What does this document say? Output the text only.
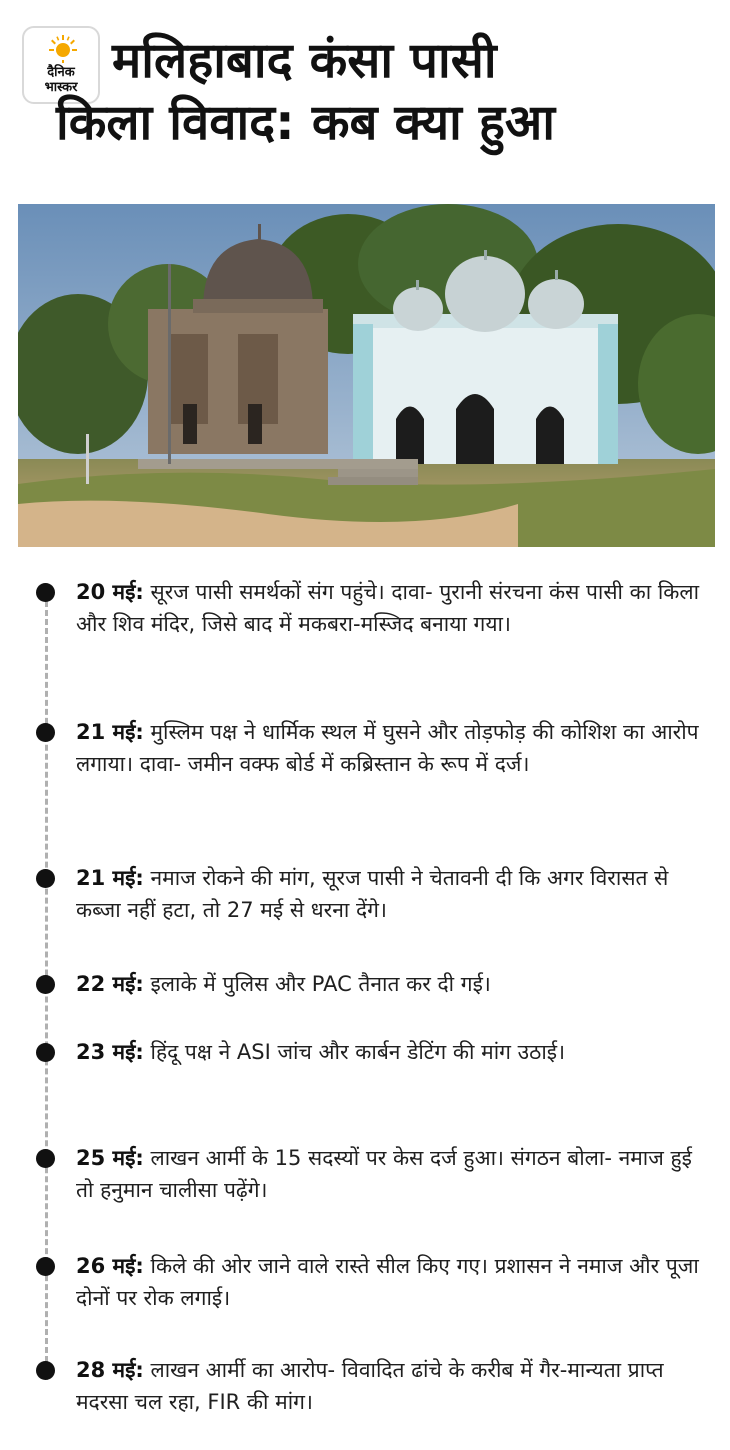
दैनिक
भास्कर मलिहाबाद कंसा पासी
किला विवाद: कब क्या हुआ
20 मई: सूरज पासी समर्थकों संग पहुंचे। दावा- पुरानी संरचना कंस पासी का किला और शिव मंदिर, जिसे बाद में मकबरा-मस्जिद बनाया गया।
21 मई: मुस्लिम पक्ष ने धार्मिक स्थल में घुसने और तोड़फोड़ की कोशिश का आरोप लगाया। दावा- जमीन वक्फ बोर्ड में कब्रिस्तान के रूप में दर्ज।
21 मई: नमाज रोकने की मांग, सूरज पासी ने चेतावनी दी कि अगर विरासत से कब्जा नहीं हटा, तो 27 मई से धरना देंगे।
22 मई: इलाके में पुलिस और PAC तैनात कर दी गई।
23 मई: हिंदू पक्ष ने ASI जांच और कार्बन डेटिंग की मांग उठाई।
25 मई: लाखन आर्मी के 15 सदस्यों पर केस दर्ज हुआ। संगठन बोला- नमाज हुई तो हनुमान चालीसा पढ़ेंगे।
26 मई: किले की ओर जाने वाले रास्ते सील किए गए। प्रशासन ने नमाज और पूजा दोनों पर रोक लगाई।
28 मई: लाखन आर्मी का आरोप- विवादित ढांचे के करीब में गैर-मान्यता प्राप्त मदरसा चल रहा, FIR की मांग।
